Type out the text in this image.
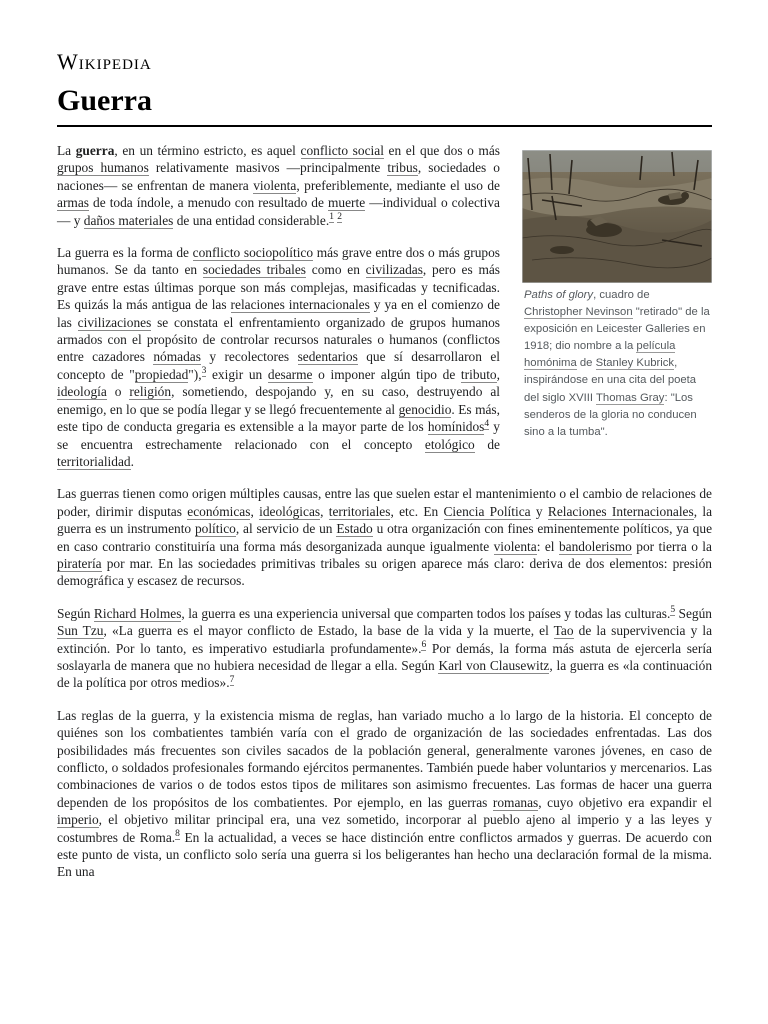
Wikipedia
Guerra
Paths of glory, cuadro de Christopher Nevinson "retirado" de la exposición en Leicester Galleries en 1918; dio nombre a la película homónima de Stanley Kubrick, inspirándose en una cita del poeta del siglo XVIII Thomas Gray: "Los senderos de la gloria no conducen sino a la tumba".

La guerra, en un término estricto, es aquel conflicto social en el que dos o más grupos humanos relativamente masivos —principalmente tribus, sociedades o naciones— se enfrentan de manera violenta, preferiblemente, mediante el uso de armas de toda índole, a menudo con resultado de muerte —individual o colectiva— y daños materiales de una entidad considerable.$^1$ $^2$

La guerra es la forma de conflicto sociopolítico más grave entre dos o más grupos humanos. Se da tanto en sociedades tribales como en civilizadas, pero es más grave entre estas últimas porque son más complejas, masificadas y tecnificadas. Es quizás la más antigua de las relaciones internacionales y ya en el comienzo de las civilizaciones se constata el enfrentamiento organizado de grupos humanos armados con el propósito de controlar recursos naturales o humanos (conflictos entre cazadores nómadas y recolectores sedentarios que sí desarrollaron el concepto de "propiedad"),$^3$ exigir un desarme o imponer algún tipo de tributo, ideología o religión, sometiendo, despojando y, en su caso, destruyendo al enemigo, en lo que se podía llegar y se llegó frecuentemente al genocidio. Es más, este tipo de conducta gregaria es extensible a la mayor parte de los homínidos$^4$ y se encuentra estrechamente relacionado con el concepto etológico de territorialidad.

Las guerras tienen como origen múltiples causas, entre las que suelen estar el mantenimiento o el cambio de relaciones de poder, dirimir disputas económicas, ideológicas, territoriales, etc. En Ciencia Política y Relaciones Internacionales, la guerra es un instrumento político, al servicio de un Estado u otra organización con fines eminentemente políticos, ya que en caso contrario constituiría una forma más desorganizada aunque igualmente violenta: el bandolerismo por tierra o la piratería por mar. En las sociedades primitivas tribales su origen aparece más claro: deriva de dos elementos: presión demográfica y escasez de recursos.

Según Richard Holmes, la guerra es una experiencia universal que comparten todos los países y todas las culturas.$^5$ Según Sun Tzu, «La guerra es el mayor conflicto de Estado, la base de la vida y la muerte, el Tao de la supervivencia y la extinción. Por lo tanto, es imperativo estudiarla profundamente».$^6$ Por demás, la forma más astuta de ejercerla sería soslayarla de manera que no hubiera necesidad de llegar a ella. Según Karl von Clausewitz, la guerra es «la continuación de la política por otros medios».$^7$

Las reglas de la guerra, y la existencia misma de reglas, han variado mucho a lo largo de la historia. El concepto de quiénes son los combatientes también varía con el grado de organización de las sociedades enfrentadas. Las dos posibilidades más frecuentes son civiles sacados de la población general, generalmente varones jóvenes, en caso de conflicto, o soldados profesionales formando ejércitos permanentes. También puede haber voluntarios y mercenarios. Las combinaciones de varios o de todos estos tipos de militares son asimismo frecuentes. Las formas de hacer una guerra dependen de los propósitos de los combatientes. Por ejemplo, en las guerras romanas, cuyo objetivo era expandir el imperio, el objetivo militar principal era, una vez sometido, incorporar al pueblo ajeno al imperio y a las leyes y costumbres de Roma.$^8$ En la actualidad, a veces se hace distinción entre conflictos armados y guerras. De acuerdo con este punto de vista, un conflicto solo sería una guerra si los beligerantes han hecho una declaración formal de la misma. En una
